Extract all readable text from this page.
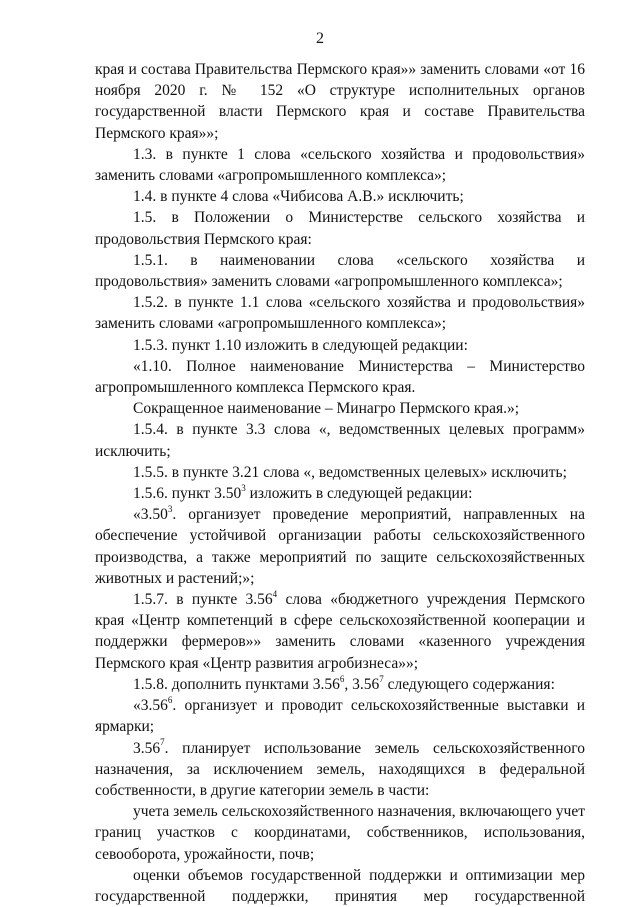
2

края и состава Правительства Пермского края»» заменить словами «от 16 ноября 2020 г. № 152 «О структуре исполнительных органов государственной власти Пермского края и составе Правительства Пермского края»»;

1.3. в пункте 1 слова «сельского хозяйства и продовольствия» заменить словами «агропромышленного комплекса»;

1.4. в пункте 4 слова «Чибисова А.В.» исключить;

1.5. в Положении о Министерстве сельского хозяйства и продовольствия Пермского края:

1.5.1. в наименовании слова «сельского хозяйства и продовольствия» заменить словами «агропромышленного комплекса»;

1.5.2. в пункте 1.1 слова «сельского хозяйства и продовольствия» заменить словами «агропромышленного комплекса»;

1.5.3. пункт 1.10 изложить в следующей редакции:

«1.10. Полное наименование Министерства – Министерство агропромышленного комплекса Пермского края.

Сокращенное наименование – Минагро Пермского края.»;

1.5.4. в пункте 3.3 слова «, ведомственных целевых программ» исключить;

1.5.5. в пункте 3.21 слова «, ведомственных целевых» исключить;

1.5.6. пункт 3.50$^3$ изложить в следующей редакции:

«3.50$^3$. организует проведение мероприятий, направленных на обеспечение устойчивой организации работы сельскохозяйственного производства, а также мероприятий по защите сельскохозяйственных животных и растений;»;

1.5.7. в пункте 3.56$^4$ слова «бюджетного учреждения Пермского края «Центр компетенций в сфере сельскохозяйственной кооперации и поддержки фермеров»» заменить словами «казенного учреждения Пермского края «Центр развития агробизнеса»»;

1.5.8. дополнить пунктами 3.56$^6$, 3.56$^7$ следующего содержания:

«3.56$^6$. организует и проводит сельскохозяйственные выставки и ярмарки;

3.56$^7$. планирует использование земель сельскохозяйственного назначения, за исключением земель, находящихся в федеральной собственности, в другие категории земель в части:

учета земель сельскохозяйственного назначения, включающего учет границ участков с координатами, собственников, использования, севооборота, урожайности, почв;

оценки объемов государственной поддержки и оптимизации мер государственной поддержки, принятия мер государственной
